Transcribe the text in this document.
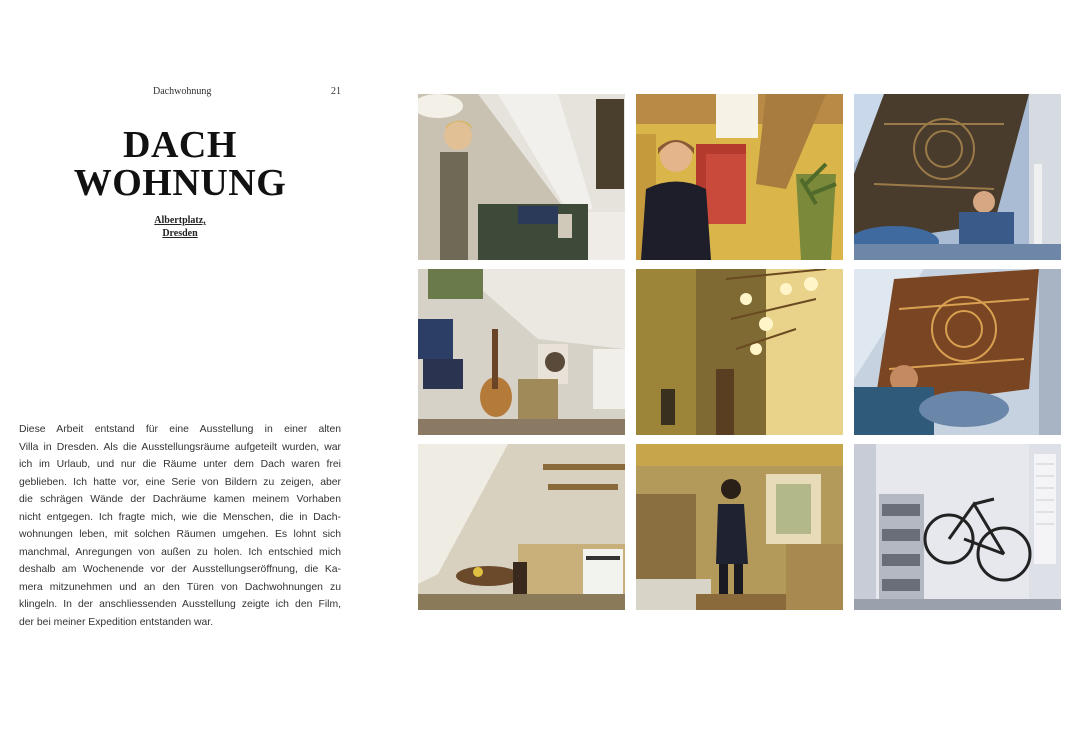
Dachwohnung	21
DACH
WOHNUNG
Albertplatz,
Dresden
Diese Arbeit entstand für eine Ausstellung in einer alten
Villa in Dresden. Als die Ausstellungsräume aufgeteilt wurden, war
ich im Urlaub, und nur die Räume unter dem Dach waren frei
geblieben. Ich hatte vor, eine Serie von Bildern zu zeigen, aber
die schrägen Wände der Dachräume kamen meinem Vorhaben
nicht entgegen. Ich fragte mich, wie die Menschen, die in Dach-
wohnungen leben, mit solchen Räumen umgehen. Es lohnt sich
manchmal, Anregungen von außen zu holen. Ich entschied mich
deshalb am Wochenende vor der Ausstellungseröffnung, die Ka-
mera mitzunehmen und an den Türen von Dachwohnungen zu
klingeln. In der anschliessenden Ausstellung zeigte ich den Film,
der bei meiner Expedition entstanden war.
